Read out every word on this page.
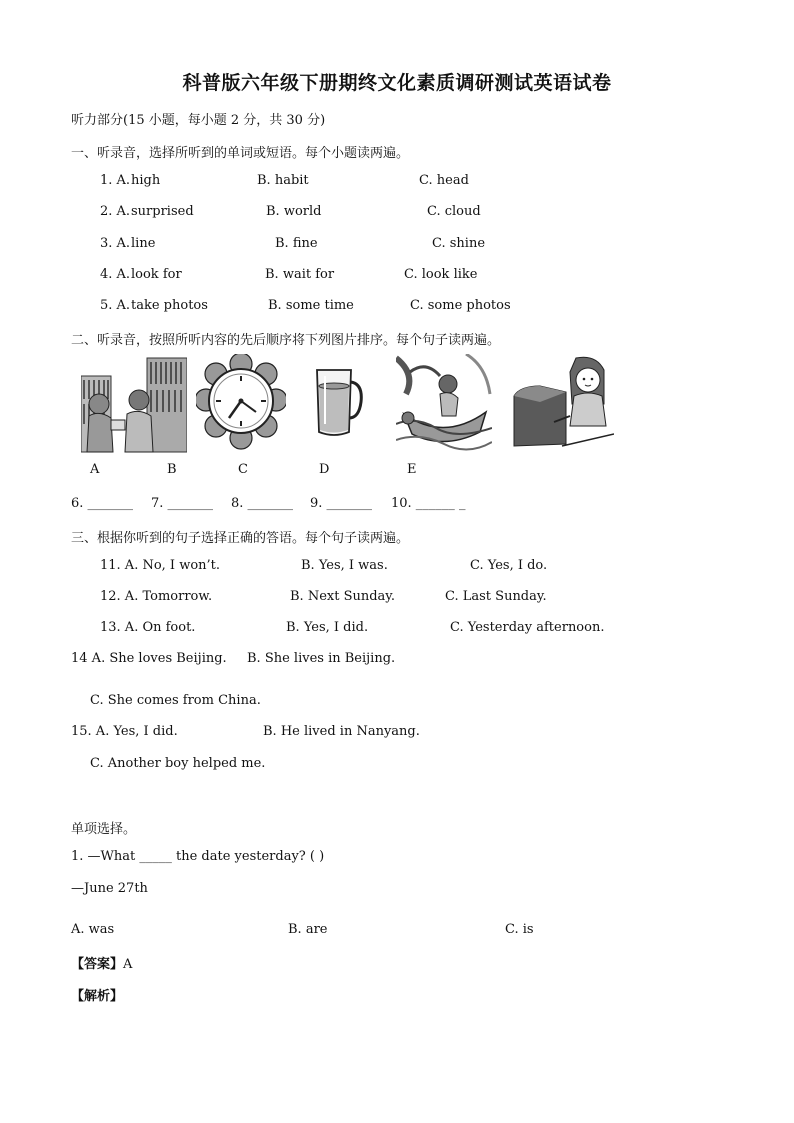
科普版六年级下册期终文化素质调研测试英语试卷
听力部分(15 小题，每小题 2 分，共 30 分)
一、听录音，选择所听到的单词或短语。每个小题读两遍。
1. A. high	B. habit	C. head
2. A. surprised	B. world	C. cloud
3. A. line	B. fine	C. shine
4. A. look for	B. wait for	C. look like
5. A. take photos	B. some time	C. some photos
二、听录音，按照所听内容的先后顺序将下列图片排序。每个句子读两遍。
A	B	C	D	E
6. _______ 7. _______ 8. _______ 9. _______ 10. ______ _
三、根据你听到的句子选择正确的答语。每个句子读两遍。
11. A. No, I won’t.	B. Yes, I was.	C. Yes, I do.
12. A. Tomorrow.	B. Next Sunday.	C. Last Sunday.
13. A. On foot.	B. Yes, I did.	C. Yesterday afternoon.
14 A. She loves Beijing. B. She lives in Beijing.
C. She comes from China.
15. A. Yes, I did.	B. He lived in Nanyang.
C. Another boy helped me.
单项选择。
1. —What _____ the date yesterday? ( )
—June 27th
A. was	B. are	C. is
【答案】A
【解析】
